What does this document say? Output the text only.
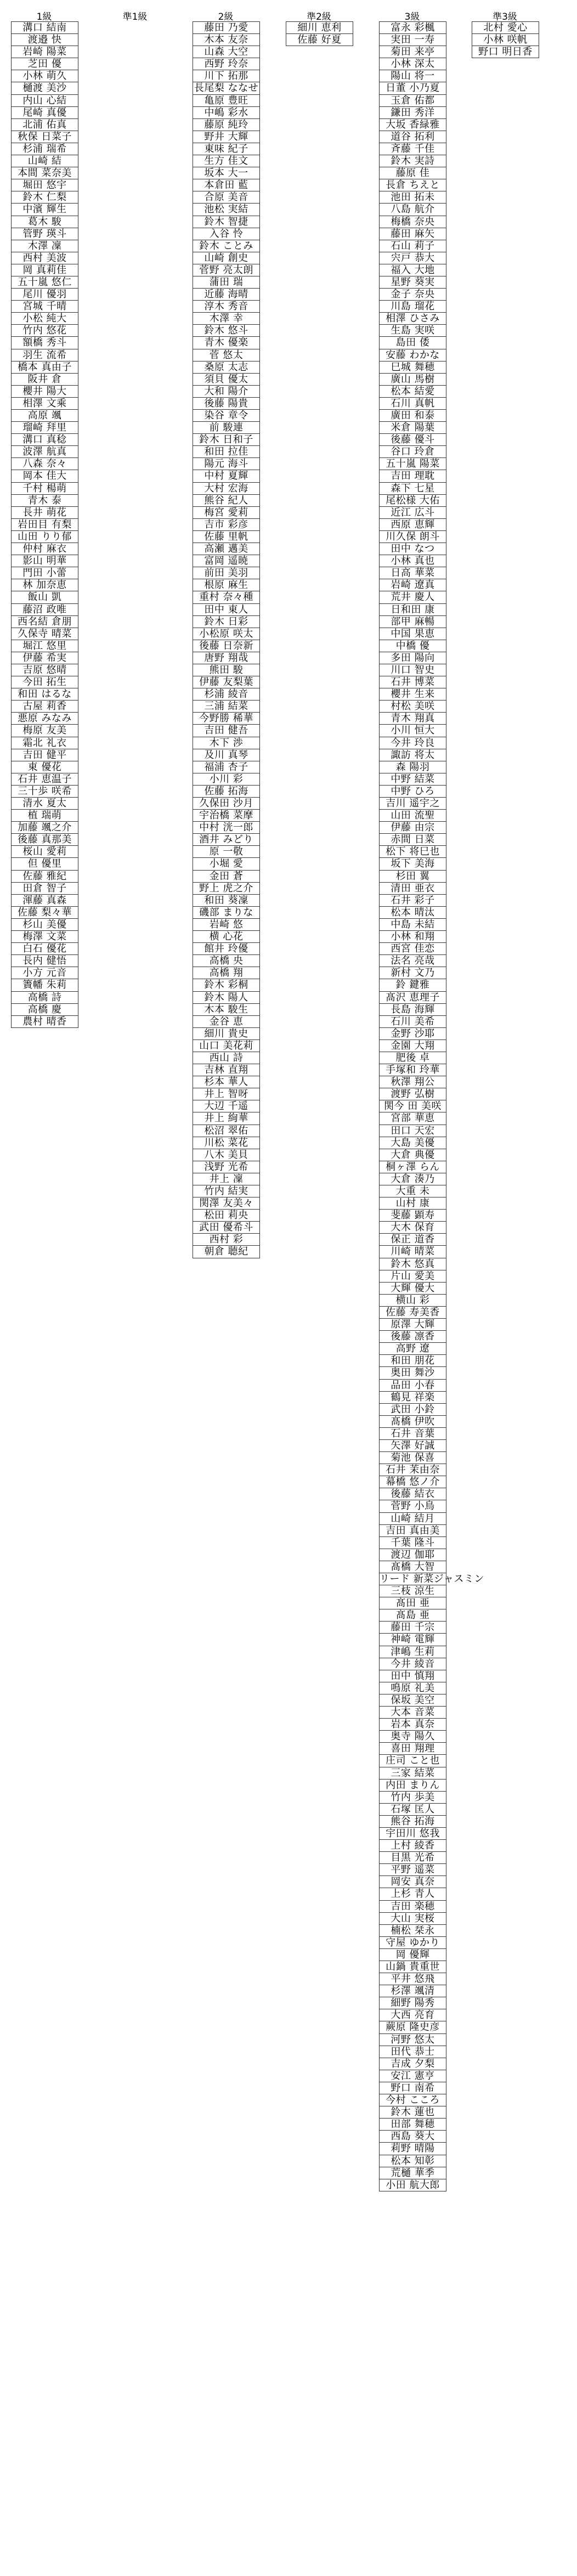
1級
溝口 結南
渡邉 快
岩崎 陽菜
芝田 優
小林 萌久
樋渡 美沙
内山 心結
尾崎 真優
北浦 佑真
秋保 日菜子
杉浦 瑞希
山崎 結
本間 菜奈美
堀田 悠宇
鈴木 仁梨
中濱 輝生
葛木 駿
管野 瑛斗
木澤 凜
西村 美波
岡 真莉佳
五十嵐 悠仁
尾川 優羽
宮城 千晴
小松 純大
竹内 悠花
額橋 秀斗
羽生 流希
橋本 真由子
阪井 倉
櫻井 陽大
相澤 文乘
高原 颯
瑠崎 拜里
溝口 真稔
波澤 航真
八森 奈々
岡本 佳大
千村 楊萌
青木 泰
長井 萌花
岩田目 有梨
山田 りり郁
仲村 麻衣
影山 明華
門田 小蕾
林 加奈恵
飯山 凱
藤沼 政唯
西名結 倉朋
久保寺 晴菜
堀江 悠里
伊藤 希実
吉原 悠晴
今田 拓生
和田 はるな
古屋 莉香
悪原 みなみ
梅原 友美
霜北 礼衣
吉田 健平
東 優花
石井 恵温子
三十歩 咲希
清水 夏太
植 瑞萌
加藤 颯之介
後藤 真那美
桜山 愛莉
但 優里
佐藤 雅紀
田倉 智子
渾藤 真森
佐藤 梨々華
杉山 美優
梅澤 文菜
白石 優花
長内 健悟
小方 元音
簀幡 朱莉
高橋 詩
高橋 慶
農村 晴香
準1級	2級
藤田 乃愛
木本 友奈
山森 大空
西野 玲奈
川下 拓那
長尾梨 ななせ
亀原 豊旺
中嶋 彩水
藤原 純玲
野井 大輝
東味 紀子
生方 佳文
坂本 大一
本倉田 藍
合原 美音
池松 実結
鈴木 智捷
入谷 怜
鈴木 ことみ
山崎 創史
菅野 亮太朗
蒲田 瑞
近藤 海晴
淳木 秀音
木澤 幸
鈴木 悠斗
青木 優楽
菅 悠太
桑原 太志
須貝 優太
大和 陽介
後藤 陽貴
染谷 章令
前 駿連
鈴木 日和子
和田 拉佳
陽元 海斗
中村 夏輝
大村 宏海
熊谷 紀人
梅宮 愛莉
吉市 彩彦
佐藤 里帆
高瀬 邁美
富岡 遥暁
前田 美羽
根原 麻生
重村 奈々種
田中 東人
鈴木 日彩
小松原 咲太
後藤 日奈新
唐野 翔哉
熊田 駿
伊藤 友梨葉
杉浦 綾音
三浦 結菜
今野勝 稀華
吉田 健吾
木下 渉
及川 真琴
福浦 杏子
小川 彩
佐藤 拓海
久保田 沙月
宇治橋 菜摩
中村 洸一郎
酒井 みどり
原 一敬
小堀 愛
金田 蒼
野上 虎之介
和田 葵凜
磯部 まりな
岩崎 悠
横 心花
館井 玲優
高橋 央
高橋 翔
鈴木 彩桐
鈴木 陽人
木本 駿生
金谷 恵
細川 貴史
山口 美花莉
西山 詩
吉林 直翔
杉本 華人
井上 智呀
大辺 千遥
井上 絢華
松沼 翠佑
川松 菜花
八木 美貝
浅野 光希
井上 凜
竹内 結実
関澤 友美々
松田 莉央
武田 優希斗
西村 彩
朝倉 聴紀
準2級
細川 恵利
佐藤 好夏
3級
富永 彩楓
実田 一寿
菊田 来亭
小林 深太
陽山 将一
日董 小乃夏
玉倉 佑都
鎌田 秀洋
大坂 香緑雅
道谷 拓利
斉藤 千佳
鈴木 実詩
藤原 佳
長倉 ちえと
池田 拓未
八島 航介
梅橋 奈央
藤田 麻矢
石山 莉子
宍戸 恭大
福入 大地
星野 葵実
金子 奈央
川島 瑠花
相澤 ひさみ
生島 実咲
島田 倭
安藤 わかな
巳城 舞穂
廣山 馬樹
松本 結愛
石川 真帆
廣田 和泰
米倉 陽葉
後藤 優斗
谷口 玲倉
五十嵐 陽菜
吉田 理耽
森下 七星
尾松様 大佑
近江 広斗
西原 恵輝
川久保 朗斗
田中 なつ
小林 真也
日高 華菜
岩崎 遼真
荒井 慶人
日和田 康
部甲 麻暢
中国 果恵
中橋 優
多田 陽向
川口 智史
石井 博菜
櫻井 生来
村松 美咲
青木 翔真
小川 恒大
今井 玲良
諏訪 将太
森 陽羽
中野 結菜
中野 ひろ
吉川 遥宇之
山田 流聖
伊藤 由宗
赤間 日菜
松下 将巳也
坂下 美海
杉田 翼
清田 亜衣
石井 彩子
松本 晴汰
中島 未結
小林 和翔
西宮 佳恋
法名 亮哉
新村 文乃
鈴 鍵雅
髙沢 恵理子
長島 海輝
石川 美希
金野 沙耶
金園 大翔
肥後 卓
手塚和 玲華
秋澤 翔公
渡野 弘樹
関今 田 美咲
宮部 華恵
田口 天宏
大島 美優
大倉 典優
桐ヶ澤 らん
大倉 湊乃
大重 未
山村 康
斐藤 顕寿
大木 保育
保正 道香
川崎 晴菜
鈴木 悠真
片山 愛美
大輝 優大
横山 彩
佐藤 寿美香
原澤 大輝
後藤 凛香
高野 遼
和田 朋花
奥田 舞沙
品田 小春
鶴見 祥楽
武田 小鈴
髙橋 伊吹
石井 音葉
矢澤 好誠
菊池 保喜
石井 茉由奈
幕橋 悠ノ介
後藤 結衣
菅野 小鳥
山崎 結月
吉田 真由美
千葉 隆斗
渡辺 伽耶
髙橋 大智
リード 新菜ジャスミン
三枝 涼生
髙田 亜
髙島 亜
藤田 千宗
神崎 電輝
津嶋 生莉
今井 綾音
田中 慎翔
鳴原 礼美
保坂 美空
大本 音菜
岩本 真奈
奥寺 陽久
喜田 翔理
庄司 こと也
三家 結菜
内田 まりん
竹内 歩美
石塚 匡人
熊谷 拓海
宇田川 悠我
上村 綾香
目黒 光希
平野 遥菜
岡安 真奈
上杉 青人
吉田 楽穂
大山 実桜
楠松 栞永
守屋 ゆかり
岡 優輝
山鍋 貴重世
平井 悠飛
杉澤 颯清
細野 陽秀
大西 亮育
蕨原 隆史彦
河野 悠太
田代 恭士
吉成 夕梨
安江 憲亨
野口 南希
今村 こころ
鈴木 蓮也
田部 舞穂
西島 葵大
莉野 晴陽
松本 知彰
荒樋 華季
小田 航大郎
準3級
北村 愛心
小林 咲帆
野口 明日香
